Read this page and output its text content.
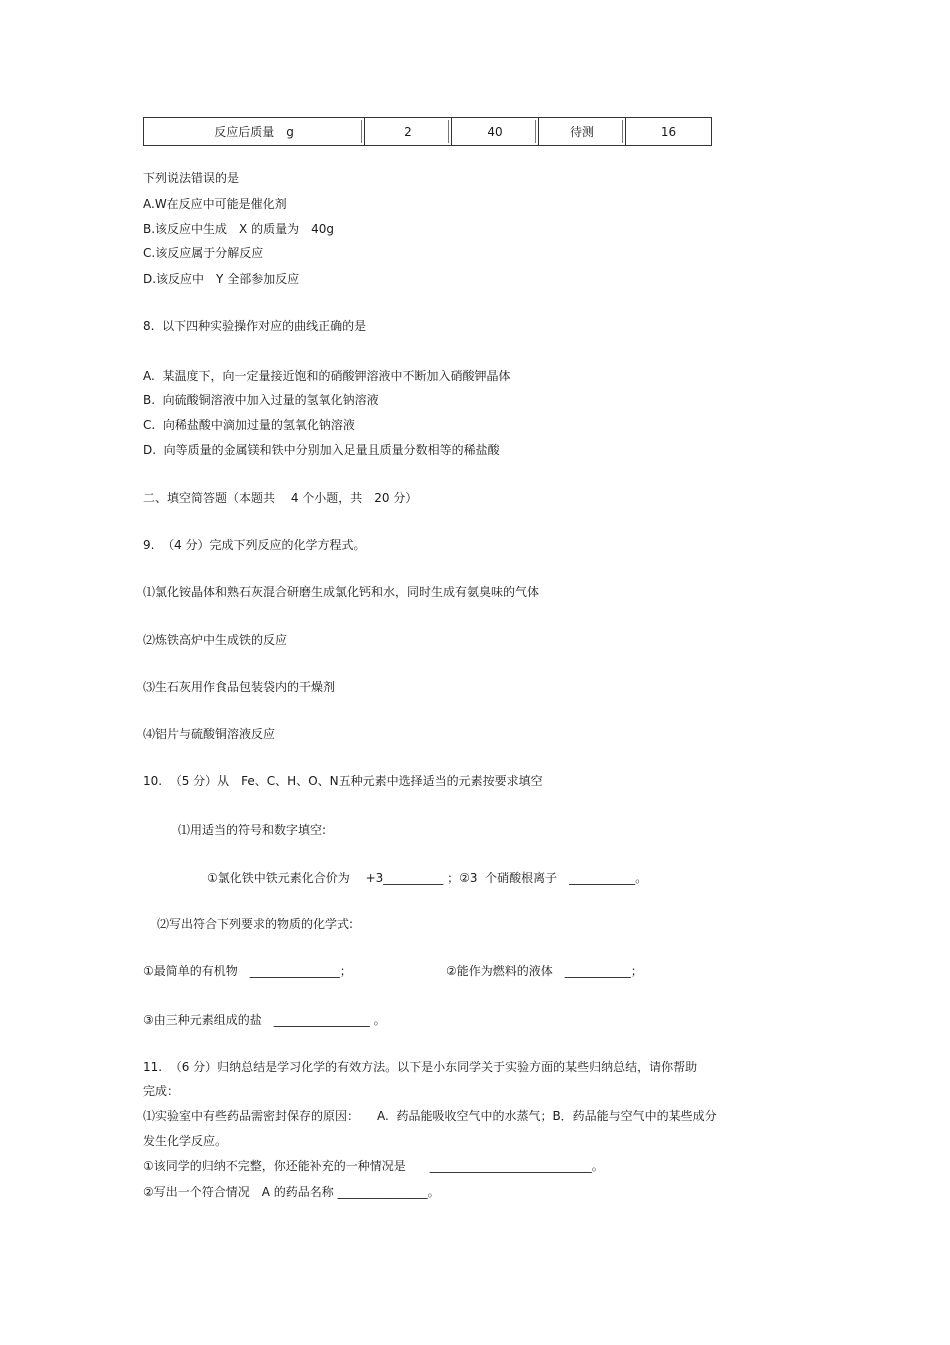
反应后质量　g	2	40	待测	16
下列说法错误的是
A.W在反应中可能是催化剂
B.该反应中生成　X 的质量为　40g
C.该反应属于分解反应
D.该反应中　Y 全部参加反应
8.  以下四种实验操作对应的曲线正确的是
A.  某温度下，向一定量接近饱和的硝酸钾溶液中不断加入硝酸钾晶体
B.  向硫酸铜溶液中加入过量的氢氧化钠溶液
C.  向稀盐酸中滴加过量的氢氧化钠溶液
D.  向等质量的金属镁和铁中分别加入足量且质量分数相等的稀盐酸
二、填空简答题（本题共　 4 个小题，共　20 分）
9.  （4 分）完成下列反应的化学方程式。
⑴氯化铵晶体和熟石灰混合研磨生成氯化钙和水，同时生成有氨臭味的气体
⑵炼铁高炉中生成铁的反应
⑶生石灰用作食品包装袋内的干燥剂
⑷铝片与硫酸铜溶液反应
10.  （5 分）从　Fe、C、H、O、N五种元素中选择适当的元素按要求填空
⑴用适当的符号和数字填空:
①氯化铁中铁元素化合价为　 +3__________ ；②3  个硝酸根离子　___________。
⑵写出符合下列要求的物质的化学式:
①最简单的有机物　_______________；	②能作为燃料的液体　___________；
③由三种元素组成的盐　________________ 。
11.  （6 分）归纳总结是学习化学的有效方法。以下是小东同学关于实验方面的某些归纳总结，请你帮助
完成：
⑴实验室中有些药品需密封保存的原因：　　A.  药品能吸收空气中的水蒸气；B．药品能与空气中的某些成分
发生化学反应。
①该同学的归纳不完整，你还能补充的一种情况是　　___________________________。
②写出一个符合情况　A 的药品名称 _______________。
